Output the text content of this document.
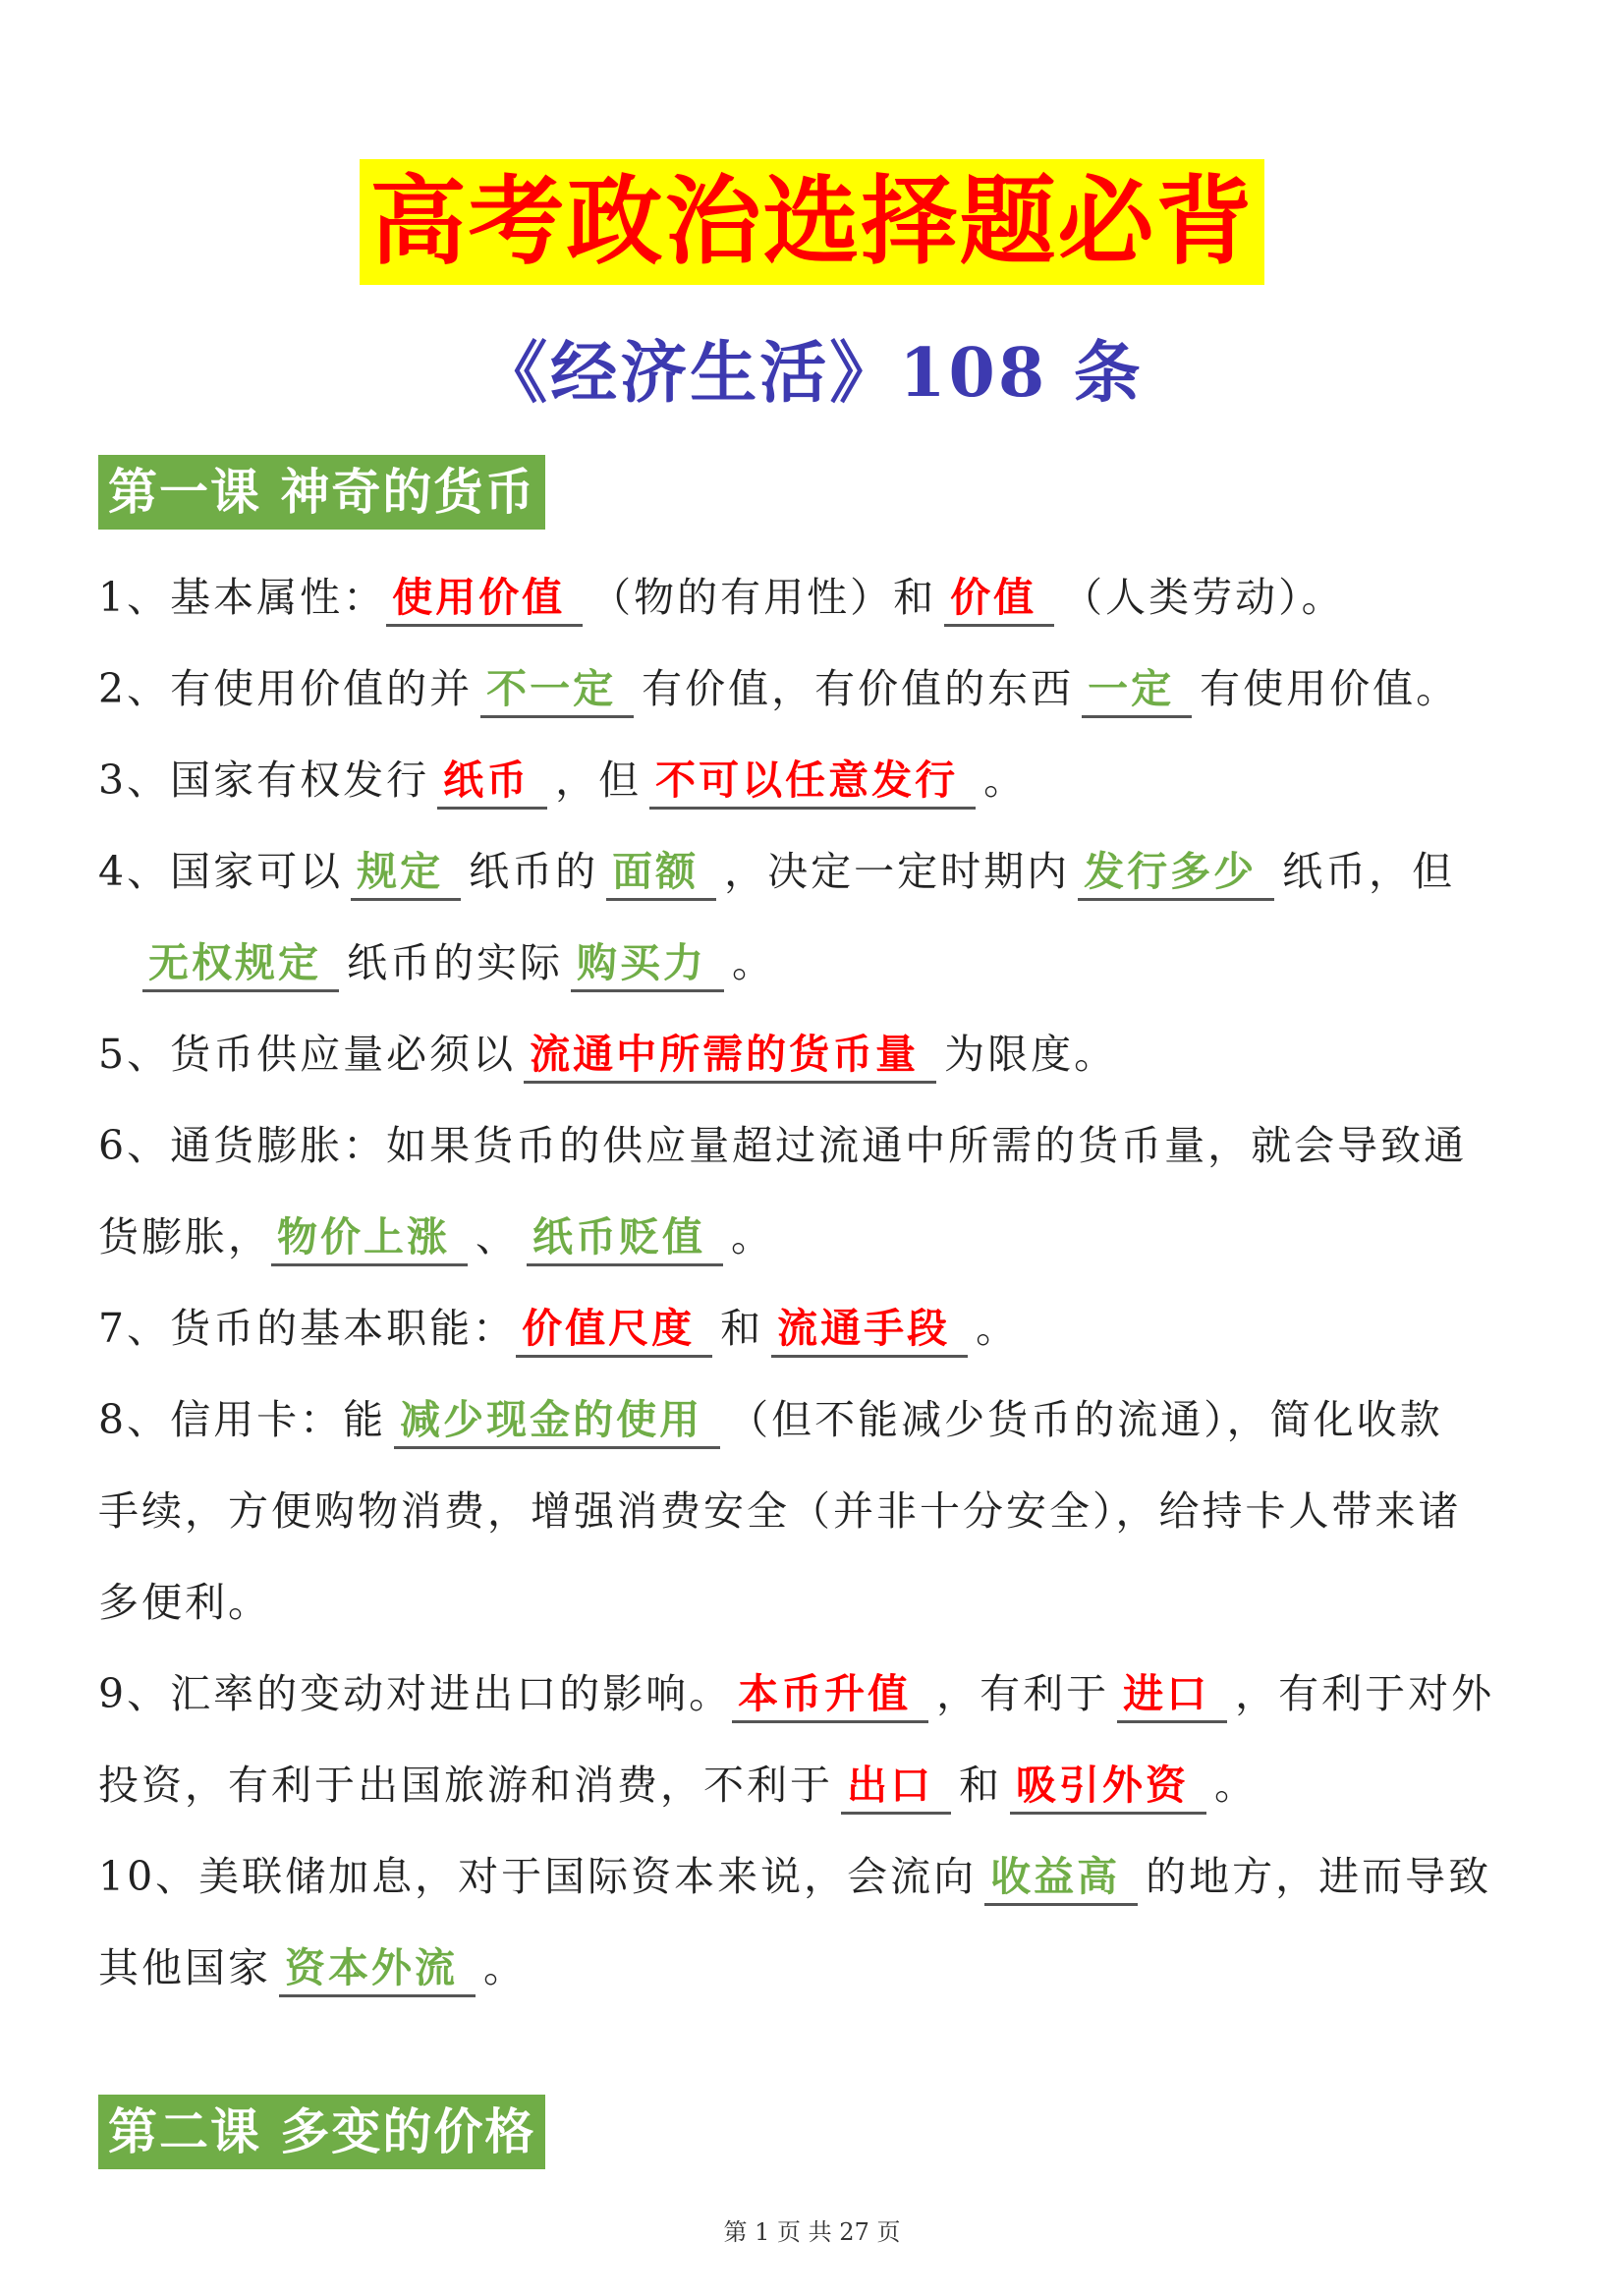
高考政治选择题必背
《经济生活》108 条
第一课 神奇的货币
1、基本属性： 使用价值 （物的有用性）和 价值 （人类劳动）。
2、有使用价值的并 不一定 有价值，有价值的东西 一定 有使用价值。
3、国家有权发行 纸币 ，但 不可以任意发行 。
4、国家可以 规定 纸币的 面额 ，决定一定时期内 发行多少 纸币，但
无权规定 纸币的实际 购买力 。
5、货币供应量必须以 流通中所需的货币量 为限度。
6、通货膨胀：如果货币的供应量超过流通中所需的货币量，就会导致通
货膨胀， 物价上涨 、 纸币贬值 。
7、货币的基本职能： 价值尺度 和 流通手段 。
8、信用卡：能 减少现金的使用 （但不能减少货币的流通），简化收款
手续，方便购物消费，增强消费安全（并非十分安全），给持卡人带来诸
多便利。
9、汇率的变动对进出口的影响。 本币升值 ，有利于 进口 ，有利于对外
投资，有利于出国旅游和消费，不利于 出口 和 吸引外资 。
10、美联储加息，对于国际资本来说，会流向 收益高 的地方，进而导致
其他国家 资本外流 。
第二课 多变的价格
第 1 页 共 27 页
